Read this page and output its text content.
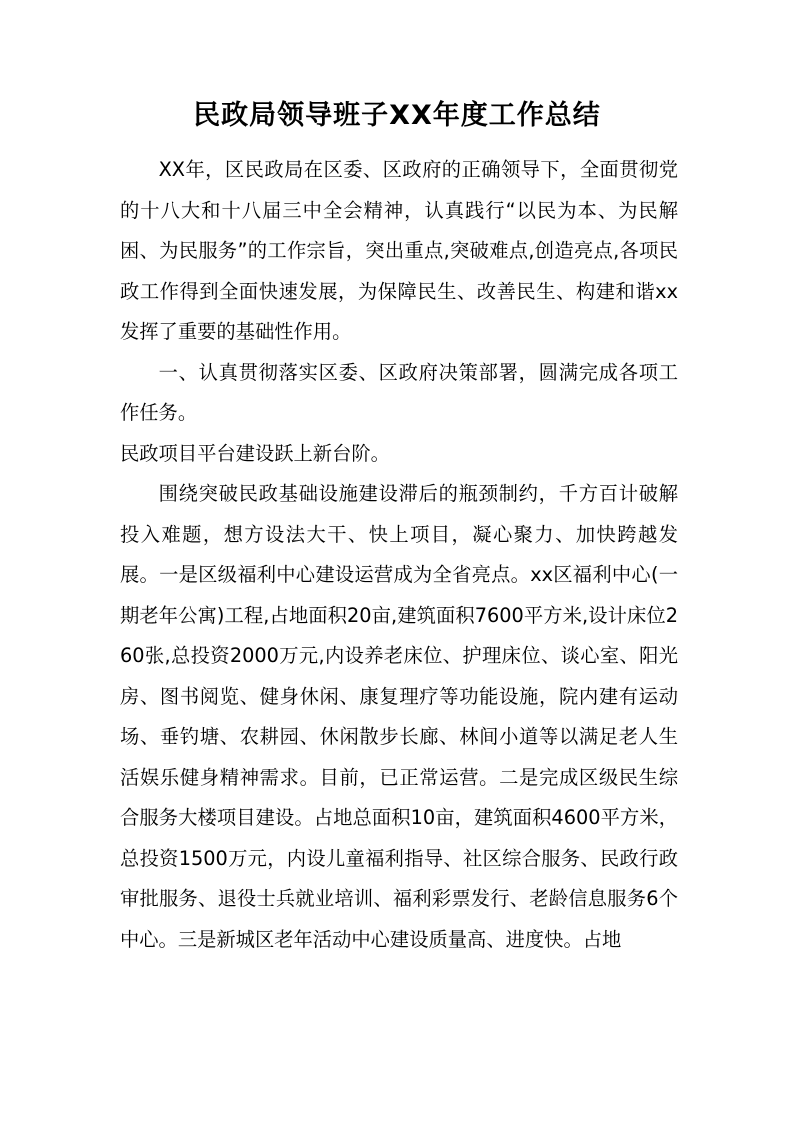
民政局领导班子XX年度工作总结

XX年，区民政局在区委、区政府的正确领导下，全面贯彻党的十八大和十八届三中全会精神，认真践行“以民为本、为民解困、为民服务”的工作宗旨，突出重点,突破难点,创造亮点,各项民政工作得到全面快速发展，为保障民生、改善民生、构建和谐xx发挥了重要的基础性作用。

一、认真贯彻落实区委、区政府决策部署，圆满完成各项工作任务。

民政项目平台建设跃上新台阶。

围绕突破民政基础设施建设滞后的瓶颈制约，千方百计破解投入难题，想方设法大干、快上项目，凝心聚力、加快跨越发展。一是区级福利中心建设运营成为全省亮点。xx区福利中心(一期老年公寓)工程,占地面积20亩,建筑面积7600平方米,设计床位260张,总投资2000万元,内设养老床位、护理床位、谈心室、阳光房、图书阅览、健身休闲、康复理疗等功能设施，院内建有运动场、垂钓塘、农耕园、休闲散步长廊、林间小道等以满足老人生活娱乐健身精神需求。目前，已正常运营。二是完成区级民生综合服务大楼项目建设。占地总面积10亩，建筑面积4600平方米，总投资1500万元，内设儿童福利指导、社区综合服务、民政行政审批服务、退役士兵就业培训、福利彩票发行、老龄信息服务6个中心。三是新城区老年活动中心建设质量高、进度快。占地
